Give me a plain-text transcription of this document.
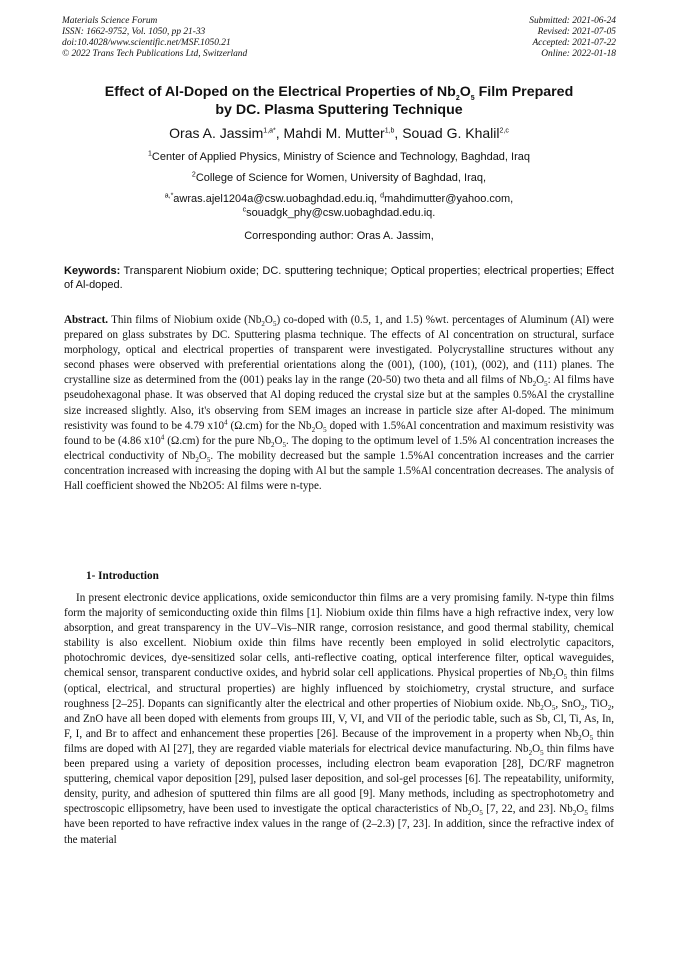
Materials Science Forum
ISSN: 1662-9752, Vol. 1050, pp 21-33
doi:10.4028/www.scientific.net/MSF.1050.21
© 2022 Trans Tech Publications Ltd, Switzerland
Submitted: 2021-06-24
Revised: 2021-07-05
Accepted: 2021-07-22
Online: 2022-01-18
Effect of Al-Doped on the Electrical Properties of $Nb_2O_5$ Film Prepared
by DC. Plasma Sputtering Technique
Oras A. Jassim$^{1,a*}$, Mahdi M. Mutter$^{1,b}$, Souad G. Khalil$^{2,c}$
$^1$Center of Applied Physics, Ministry of Science and Technology, Baghdad, Iraq
$^2$College of Science for Women, University of Baghdad, Iraq,
$^{a,*}$awras.ajel1204a@csw.uobaghdad.edu.iq, $^d$mahdimutter@yahoo.com,
$^c$souadgk_phy@csw.uobaghdad.edu.iq.
Corresponding author: Oras A. Jassim,
Keywords: Transparent Niobium oxide; DC. sputtering technique; Optical properties; electrical properties; Effect of Al-doped.
Abstract. Thin films of Niobium oxide $(Nb_2O_5)$ co-doped with (0.5, 1, and 1.5) %wt. percentages of Aluminum (Al) were prepared on glass substrates by DC. Sputtering plasma technique. The effects of Al concentration on structural, surface morphology, optical and electrical properties of transparent were investigated. Polycrystalline structures without any second phases were observed with preferential orientations along the (001), (100), (101), (002), and (111) planes. The crystalline size as determined from the (001) peaks lay in the range (20-50) two theta and all films of $Nb_2O_5$: Al films have pseudohexagonal phase. It was observed that Al doping reduced the crystal size but at the samples 0.5%Al the crystalline size increased slightly. Also, it's observing from SEM images an increase in particle size after Al-doped. The minimum resistivity was found to be 4.79 $x10^4$ (Ω.cm) for the $Nb_2O_5$ doped with 1.5%Al concentration and maximum resistivity was found to be (4.86 $x10^4$ (Ω.cm) for the pure $Nb_2O_5$. The doping to the optimum level of 1.5% Al concentration increases the electrical conductivity of $Nb_2O_5$. The mobility decreased but the sample 1.5%Al concentration increases and the carrier concentration increased with increasing the doping with Al but the sample 1.5%Al concentration decreases. The analysis of Hall coefficient showed the Nb2O5: Al films were n-type.
1- Introduction
In present electronic device applications, oxide semiconductor thin films are a very promising family. N-type thin films form the majority of semiconducting oxide thin films [1]. Niobium oxide thin films have a high refractive index, very low absorption, and great transparency in the UV–Vis–NIR range, corrosion resistance, and good thermal stability, chemical stability is also excellent. Niobium oxide thin films have recently been employed in solid electrolytic capacitors, photochromic devices, dye-sensitized solar cells, anti-reflective coating, optical interference filter, optical waveguides, chemical sensor, transparent conductive oxides, and hybrid solar cell applications. Physical properties of $Nb_2O_5$ thin films (optical, electrical, and structural properties) are highly influenced by stoichiometry, crystal structure, and surface roughness [2–25]. Dopants can significantly alter the electrical and other properties of Niobium oxide. $Nb_2O_5$, SnO$_2$, TiO$_2$, and ZnO have all been doped with elements from groups III, V, VI, and VII of the periodic table, such as Sb, Cl, Ti, As, In, F, I, and Br to affect and enhancement these properties [26]. Because of the improvement in a property when $Nb_2O_5$ thin films are doped with Al [27], they are regarded viable materials for electrical device manufacturing. $Nb_2O_5$ thin films have been prepared using a variety of deposition processes, including electron beam evaporation [28], DC/RF magnetron sputtering, chemical vapor deposition [29], pulsed laser deposition, and sol-gel processes [6]. The repeatability, uniformity, density, purity, and adhesion of sputtered thin films are all good [9]. Many methods, including as spectrophotometry and spectroscopic ellipsometry, have been used to investigate the optical characteristics of $Nb_2O_5$ [7, 22, and 23]. $Nb_2O_5$ films have been reported to have refractive index values in the range of (2–2.3) [7, 23]. In addition, since the refractive index of the material
